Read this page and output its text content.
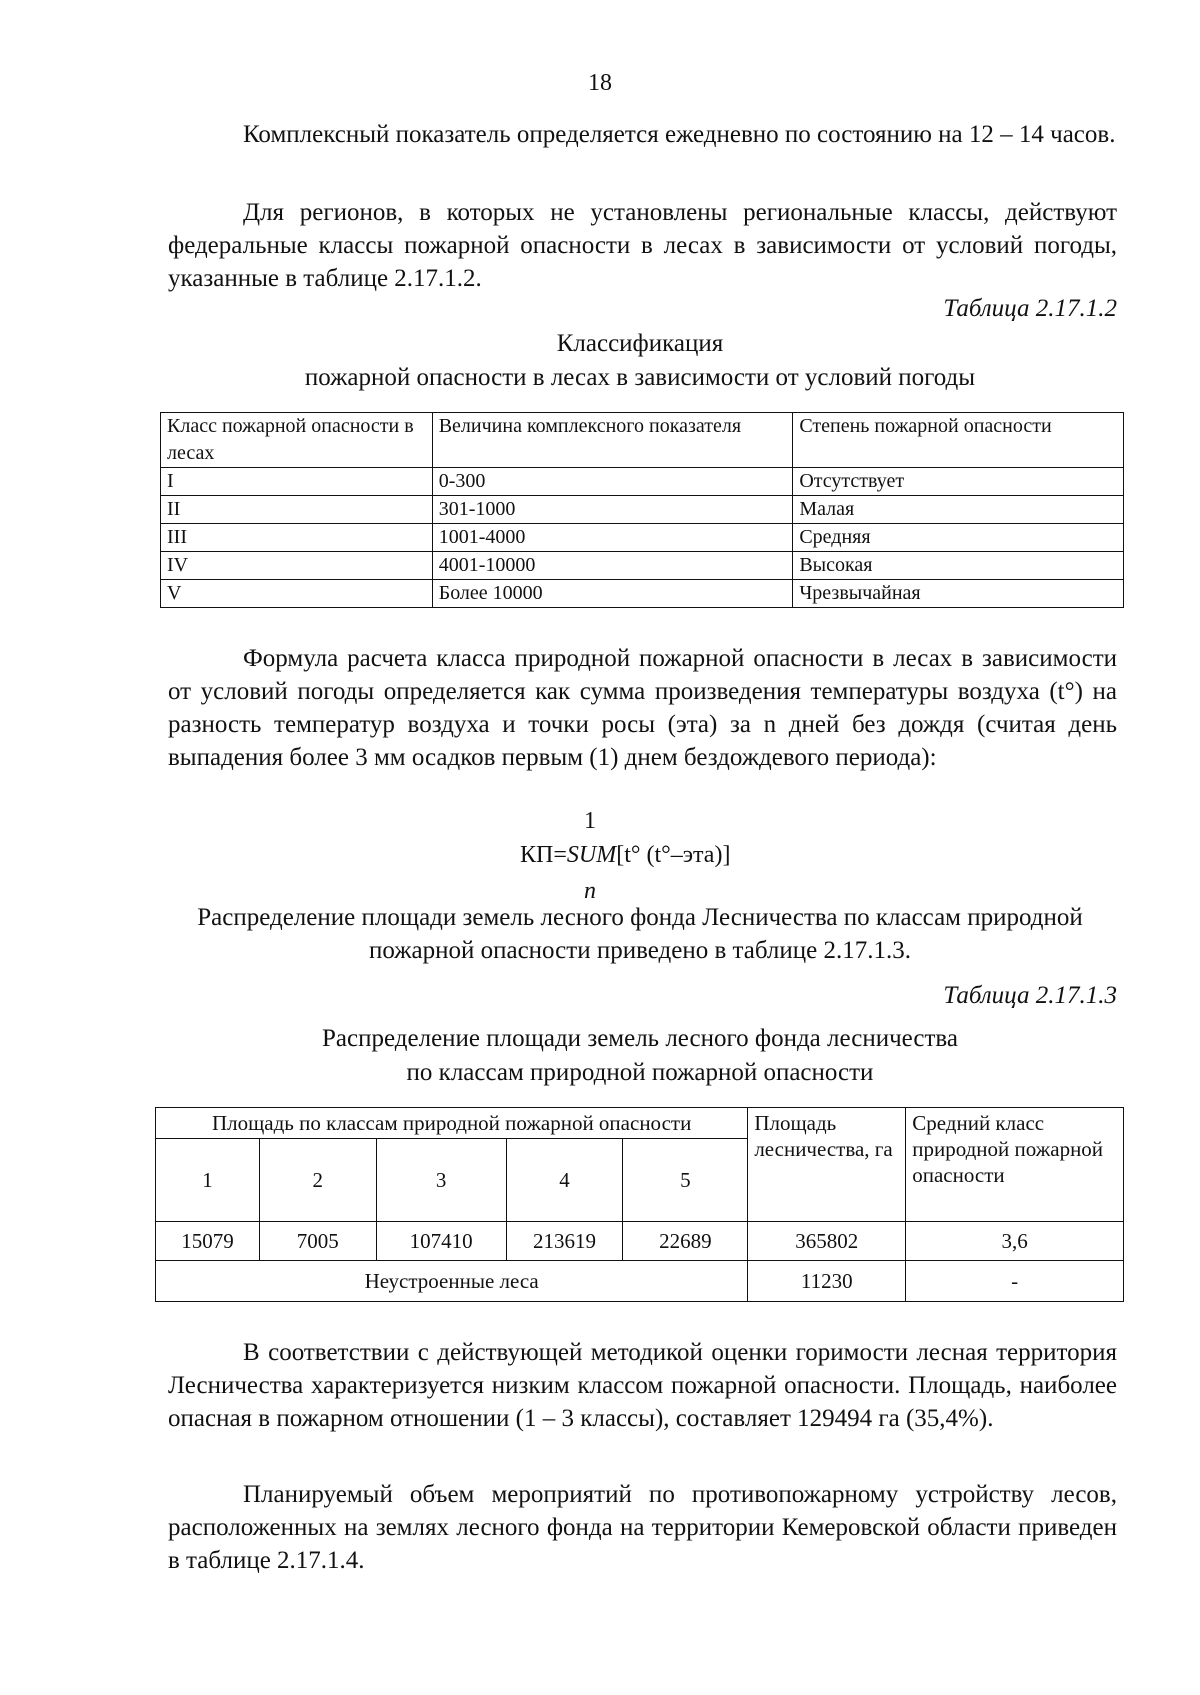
18

Комплексный показатель определяется ежедневно по состоянию на 12 – 14 часов.

Для регионов, в которых не установлены региональные классы, действуют федеральные классы пожарной опасности в лесах в зависимости от условий погоды, указанные в таблице 2.17.1.2.

Таблица 2.17.1.2
Классификация
пожарной опасности в лесах в зависимости от условий погоды
Класс пожарной опасности в лесах	Величина комплексного показателя	Степень пожарной опасности
I	0-300	Отсутствует
II	301-1000	Малая
III	1001-4000	Средняя
IV	4001-10000	Высокая
V	Более 10000	Чрезвычайная

Формула расчета класса природной пожарной опасности в лесах в зависимости от условий погоды определяется как сумма произведения температуры воздуха (t°) на разность температур воздуха и точки росы (эта) за n дней без дождя (считая день выпадения более 3 мм осадков первым (1) днем бездождевого периода):

1
КП=SUM[t° (t°–эта)]
n

Распределение площади земель лесного фонда Лесничества по классам природной пожарной опасности приведено в таблице 2.17.1.3.

Таблица 2.17.1.3
Распределение площади земель лесного фонда лесничества
по классам природной пожарной опасности
Площадь по классам природной пожарной опасности					Площадь лесничества, га	Средний класс природной пожарной опасности
1	2	3	4	5		
15079	7005	107410	213619	22689	365802	3,6
Неустроенные леса					11230	-

В соответствии с действующей методикой оценки горимости лесная территория Лесничества характеризуется низким классом пожарной опасности. Площадь, наиболее опасная в пожарном отношении (1 – 3 классы), составляет 129494 га (35,4%).

Планируемый объем мероприятий по противопожарному устройству лесов, расположенных на землях лесного фонда на территории Кемеровской области приведен в таблице 2.17.1.4.
